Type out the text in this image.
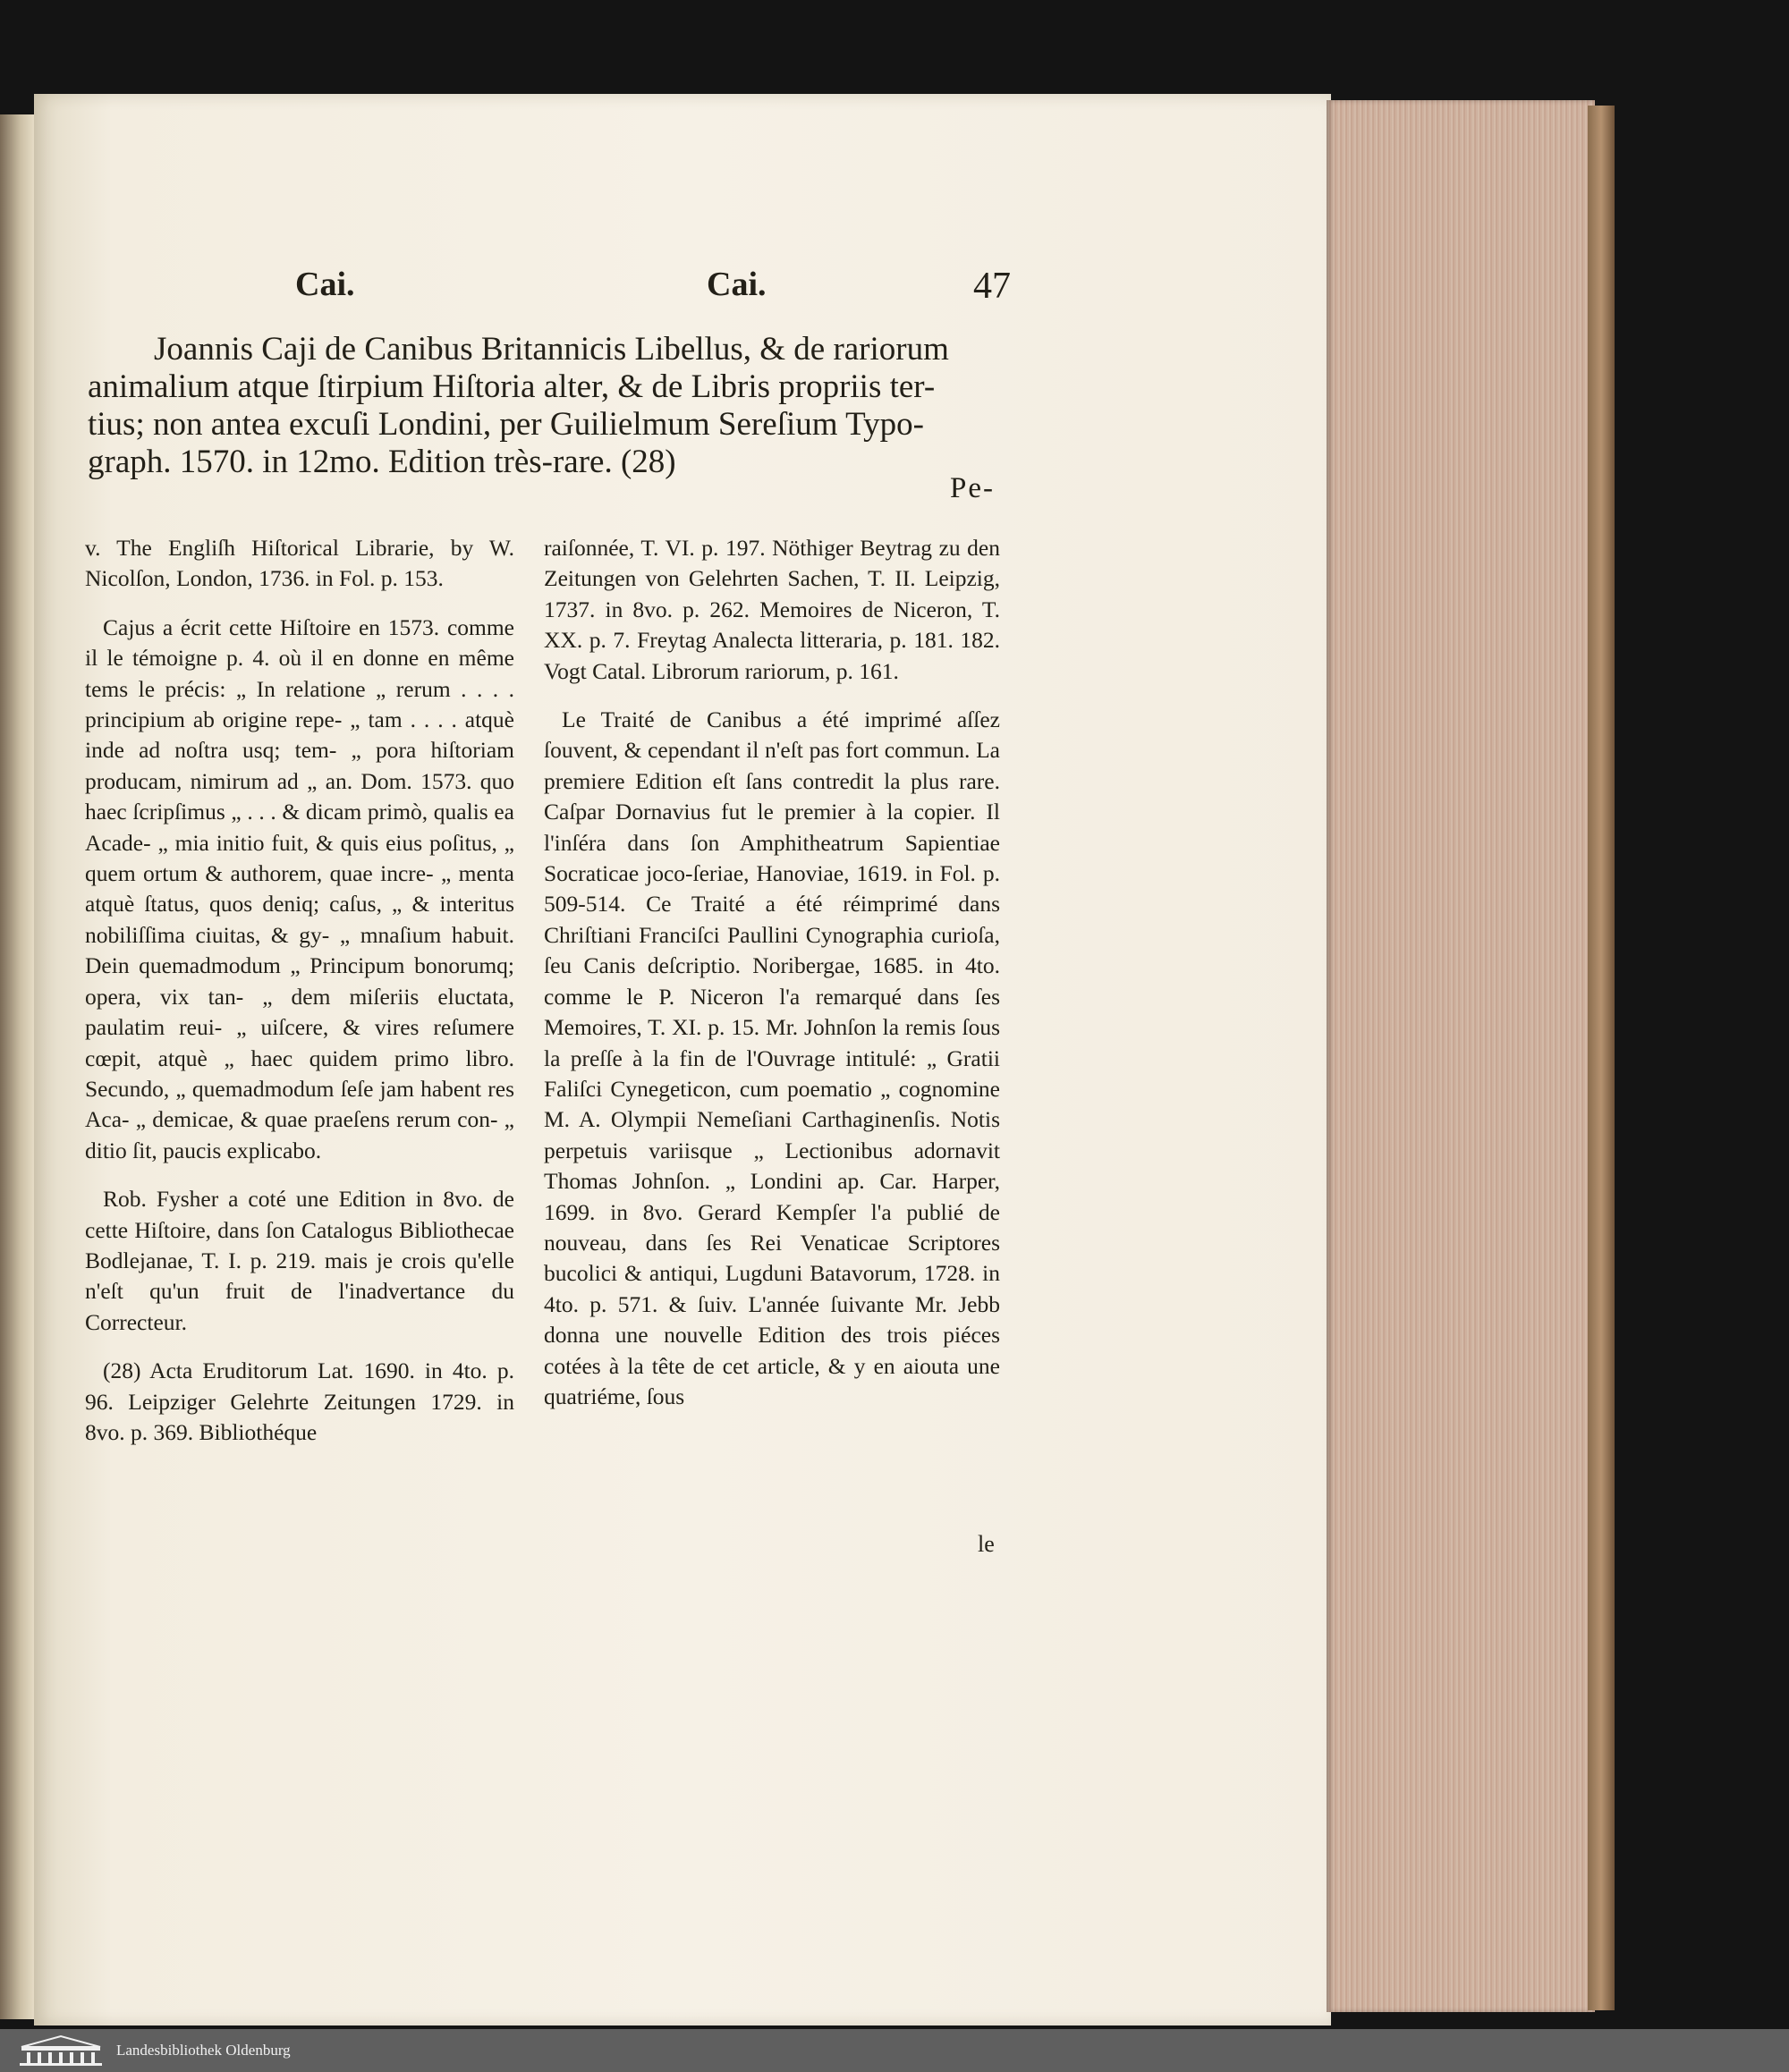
Cai.	Cai.	47
Joannis Caji de Canibus Britannicis Libellus, & de rariorum
animalium atque ſtirpium Hiſtoria alter, & de Libris propriis ter-
tius; non antea excuſi Londini, per Guilielmum Sereſium Typo-
graph. 1570. in 12mo. Edition très-rare. (28)
Pe-

v. The Engliſh Hiſtorical Librarie, by W. Nicolſon, London, 1736. in Fol. p. 153.

Cajus a écrit cette Hiſtoire en 1573. comme il le témoigne p. 4. où il en donne en même tems le précis: „ In relatione „ rerum . . . . principium ab origine repe- „ tam . . . . atquè inde ad noſtra usq; tem- „ pora hiſtoriam producam, nimirum ad „ an. Dom. 1573. quo haec ſcripſimus „ . . . & dicam primò, qualis ea Acade- „ mia initio fuit, & quis eius poſitus, „ quem ortum & authorem, quae incre- „ menta atquè ſtatus, quos deniq; caſus, „ & interitus nobiliſſima ciuitas, & gy- „ mnaſium habuit. Dein quemadmodum „ Principum bonorumq; opera, vix tan- „ dem miſeriis eluctata, paulatim reui- „ uiſcere, & vires reſumere cœpit, atquè „ haec quidem primo libro. Secundo, „ quemadmodum ſeſe jam habent res Aca- „ demicae, & quae praeſens rerum con- „ ditio ſit, paucis explicabo.

Rob. Fysher a coté une Edition in 8vo. de cette Hiſtoire, dans ſon Catalogus Bibliothecae Bodlejanae, T. I. p. 219. mais je crois qu'elle n'eſt qu'un fruit de l'inadvertance du Correcteur.

(28) Acta Eruditorum Lat. 1690. in 4to. p. 96. Leipziger Gelehrte Zeitungen 1729. in 8vo. p. 369. Bibliothéque

raiſonnée, T. VI. p. 197. Nöthiger Beytrag zu den Zeitungen von Gelehrten Sachen, T. II. Leipzig, 1737. in 8vo. p. 262. Memoires de Niceron, T. XX. p. 7. Freytag Analecta litteraria, p. 181. 182. Vogt Catal. Librorum rariorum, p. 161.

Le Traité de Canibus a été imprimé aſſez ſouvent, & cependant il n'eſt pas fort commun. La premiere Edition eſt ſans contredit la plus rare. Caſpar Dornavius fut le premier à la copier. Il l'inſéra dans ſon Amphitheatrum Sapientiae Socraticae joco-ſeriae, Hanoviae, 1619. in Fol. p. 509-514. Ce Traité a été réimprimé dans Chriſtiani Franciſci Paullini Cynographia curioſa, ſeu Canis deſcriptio. Noribergae, 1685. in 4to. comme le P. Niceron l'a remarqué dans ſes Memoires, T. XI. p. 15. Mr. Johnſon la remis ſous la preſſe à la fin de l'Ouvrage intitulé: „ Gratii Faliſci Cynegeticon, cum poematio „ cognomine M. A. Olympii Nemeſiani Carthaginenſis. Notis perpetuis variisque „ Lectionibus adornavit Thomas Johnſon. „ Londini ap. Car. Harper, 1699. in 8vo. Gerard Kempſer l'a publié de nouveau, dans ſes Rei Venaticae Scriptores bucolici & antiqui, Lugduni Batavorum, 1728. in 4to. p. 571. & ſuiv. L'année ſuivante Mr. Jebb donna une nouvelle Edition des trois piéces cotées à la tête de cet article, & y en aiouta une quatriéme, ſous

le
Landesbibliothek Oldenburg
